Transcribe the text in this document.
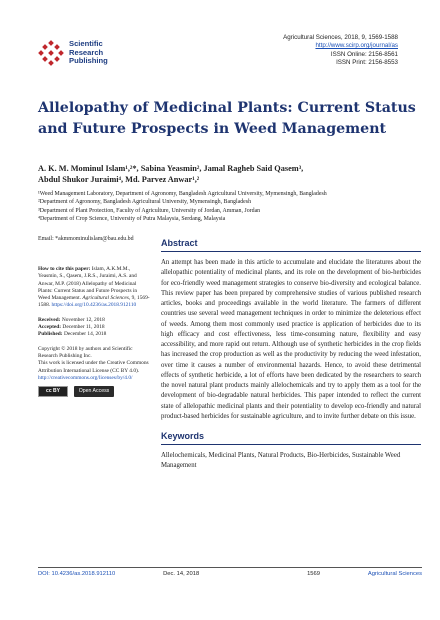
Scientific
Research
Publishing
Agricultural Sciences, 2018, 9, 1569-1588
http://www.scirp.org/journal/as
ISSN Online: 2156-8561
ISSN Print: 2156-8553
Allelopathy of Medicinal Plants: Current Status
and Future Prospects in Weed Management
A. K. M. Mominul Islam¹,²*, Sabina Yeasmin², Jamal Ragheb Said Qasem³,
Abdul Shukor Juraimi⁴, Md. Parvez Anwar¹,²
¹Weed Management Laboratory, Department of Agronomy, Bangladesh Agricultural University, Mymensingh, Bangladesh
²Department of Agronomy, Bangladesh Agricultural University, Mymensingh, Bangladesh
³Department of Plant Protection, Faculty of Agriculture, University of Jordan, Amman, Jordan
⁴Department of Crop Science, University of Putra Malaysia, Serdang, Malaysia
Email: *akmmominulislam@bau.edu.bd
How to cite this paper: Islam, A.K.M.M., Yeasmin, S., Qasem, J.R.S., Juraimi, A.S. and Anwar, M.P. (2018) Allelopathy of Medicinal Plants: Current Status and Future Prospects in Weed Management. Agricultural Sciences, 9, 1569-1588. https://doi.org/10.4236/as.2018.912110
Received: November 12, 2018
Accepted: December 11, 2018
Published: December 14, 2018
Copyright © 2018 by authors and Scientific Research Publishing Inc.
This work is licensed under the Creative Commons Attribution International License (CC BY 4.0).
http://creativecommons.org/licenses/by/4.0/
cc BY	Open Access
Abstract
An attempt has been made in this article to accumulate and elucidate the literatures about the allelopathic potentiality of medicinal plants, and its role on the development of bio-herbicides for eco-friendly weed management strategies to conserve bio-diversity and ecological balance. This review paper has been prepared by comprehensive studies of various published research articles, books and proceedings available in the world literature. The farmers of different countries use several weed management techniques in order to minimize the deleterious effect of weeds. Among them most commonly used practice is application of herbicides due to its high efficacy and cost effectiveness, less time-consuming nature, flexibility and easy accessibility, and more rapid out return. Although use of synthetic herbicides in the crop fields has increased the crop production as well as the productivity by reducing the weed infestation, over time it causes a number of environmental hazards. Hence, to avoid these detrimental effects of synthetic herbicide, a lot of efforts have been dedicated by the researchers to search the novel natural plant products mainly allelochemicals and try to apply them as a tool for the development of bio-degradable natural herbicides. This paper intended to reflect the current state of allelopathic medicinal plants and their potentiality to develop eco-friendly and natural product-based herbicides for sustainable agriculture, and to invite further debate on this issue.
Keywords
Allelochemicals, Medicinal Plants, Natural Products, Bio-Herbicides, Sustainable Weed Management
DOI: 10.4236/as.2018.912110	Dec. 14, 2018	1569	Agricultural Sciences
